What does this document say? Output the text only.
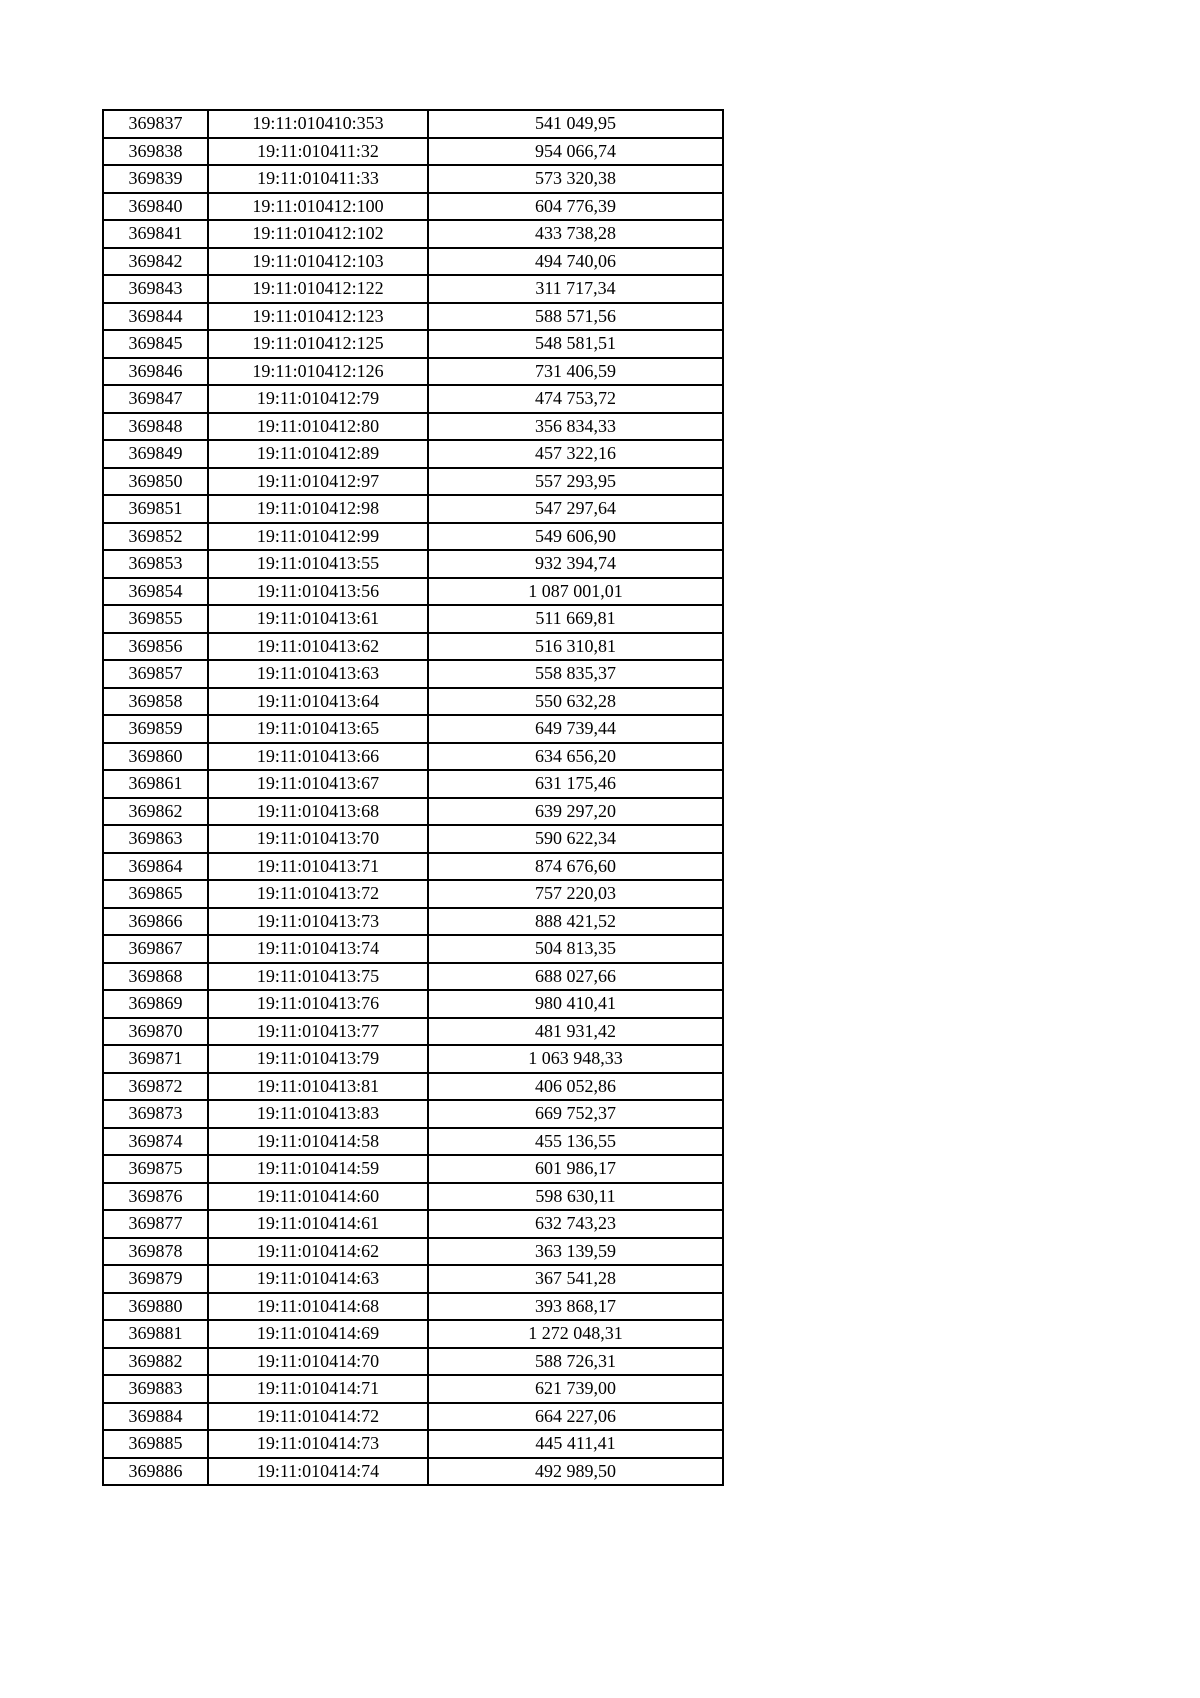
369837	19:11:010410:353	541 049,95
369838	19:11:010411:32	954 066,74
369839	19:11:010411:33	573 320,38
369840	19:11:010412:100	604 776,39
369841	19:11:010412:102	433 738,28
369842	19:11:010412:103	494 740,06
369843	19:11:010412:122	311 717,34
369844	19:11:010412:123	588 571,56
369845	19:11:010412:125	548 581,51
369846	19:11:010412:126	731 406,59
369847	19:11:010412:79	474 753,72
369848	19:11:010412:80	356 834,33
369849	19:11:010412:89	457 322,16
369850	19:11:010412:97	557 293,95
369851	19:11:010412:98	547 297,64
369852	19:11:010412:99	549 606,90
369853	19:11:010413:55	932 394,74
369854	19:11:010413:56	1 087 001,01
369855	19:11:010413:61	511 669,81
369856	19:11:010413:62	516 310,81
369857	19:11:010413:63	558 835,37
369858	19:11:010413:64	550 632,28
369859	19:11:010413:65	649 739,44
369860	19:11:010413:66	634 656,20
369861	19:11:010413:67	631 175,46
369862	19:11:010413:68	639 297,20
369863	19:11:010413:70	590 622,34
369864	19:11:010413:71	874 676,60
369865	19:11:010413:72	757 220,03
369866	19:11:010413:73	888 421,52
369867	19:11:010413:74	504 813,35
369868	19:11:010413:75	688 027,66
369869	19:11:010413:76	980 410,41
369870	19:11:010413:77	481 931,42
369871	19:11:010413:79	1 063 948,33
369872	19:11:010413:81	406 052,86
369873	19:11:010413:83	669 752,37
369874	19:11:010414:58	455 136,55
369875	19:11:010414:59	601 986,17
369876	19:11:010414:60	598 630,11
369877	19:11:010414:61	632 743,23
369878	19:11:010414:62	363 139,59
369879	19:11:010414:63	367 541,28
369880	19:11:010414:68	393 868,17
369881	19:11:010414:69	1 272 048,31
369882	19:11:010414:70	588 726,31
369883	19:11:010414:71	621 739,00
369884	19:11:010414:72	664 227,06
369885	19:11:010414:73	445 411,41
369886	19:11:010414:74	492 989,50
